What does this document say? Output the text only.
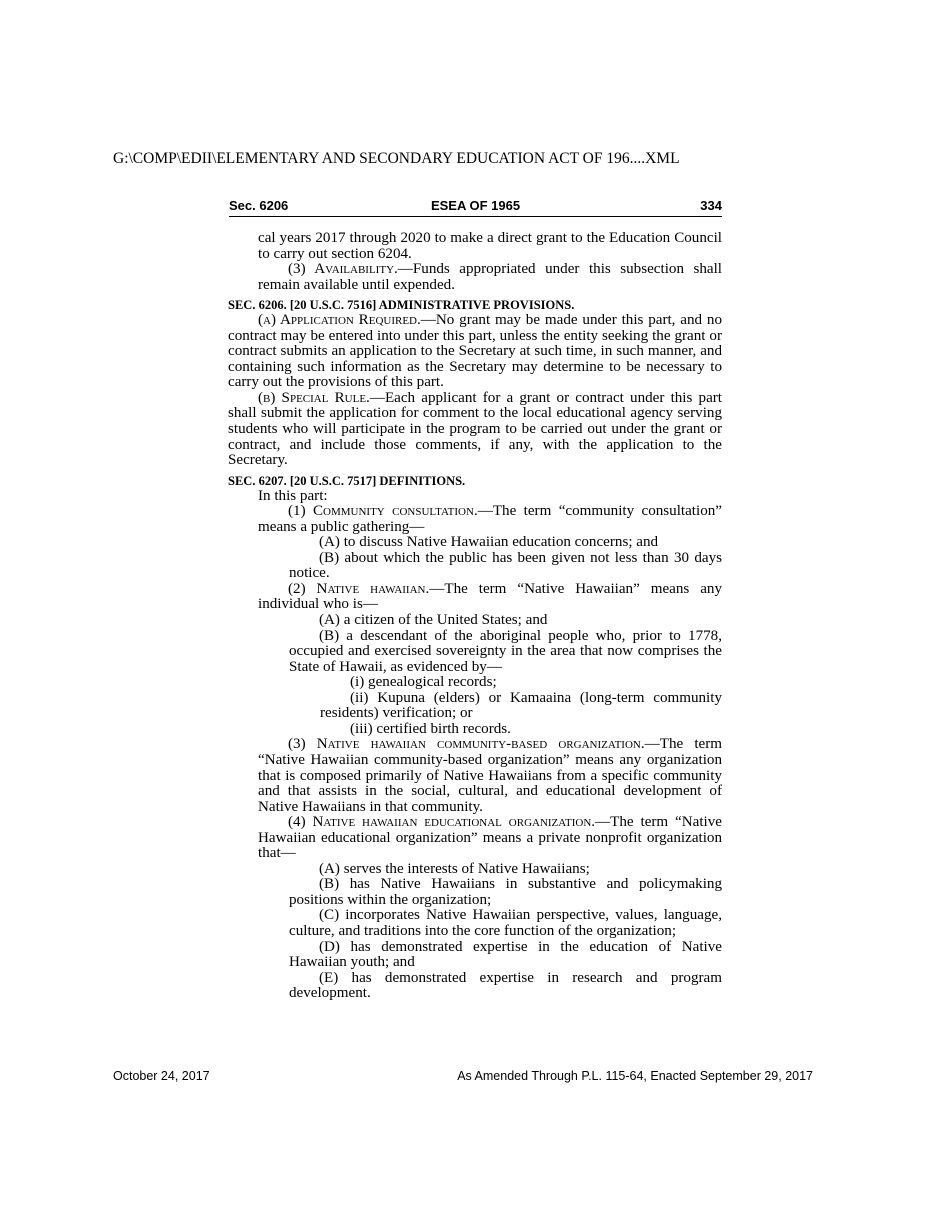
G:\COMP\EDII\ELEMENTARY AND SECONDARY EDUCATION ACT OF 196....XML
Sec. 6206	ESEA OF 1965	334

cal years 2017 through 2020 to make a direct grant to the Education Council to carry out section 6204.

(3) Availability.—Funds appropriated under this subsection shall remain available until expended.

SEC. 6206. [20 U.S.C. 7516] ADMINISTRATIVE PROVISIONS.

(a) Application Required.—No grant may be made under this part, and no contract may be entered into under this part, unless the entity seeking the grant or contract submits an application to the Secretary at such time, in such manner, and containing such information as the Secretary may determine to be necessary to carry out the provisions of this part.

(b) Special Rule.—Each applicant for a grant or contract under this part shall submit the application for comment to the local educational agency serving students who will participate in the program to be carried out under the grant or contract, and include those comments, if any, with the application to the Secretary.

SEC. 6207. [20 U.S.C. 7517] DEFINITIONS.

In this part:

(1) Community consultation.—The term “community consultation” means a public gathering—

(A) to discuss Native Hawaiian education concerns; and

(B) about which the public has been given not less than 30 days notice.

(2) Native hawaiian.—The term “Native Hawaiian” means any individual who is—

(A) a citizen of the United States; and

(B) a descendant of the aboriginal people who, prior to 1778, occupied and exercised sovereignty in the area that now comprises the State of Hawaii, as evidenced by—

(i) genealogical records;

(ii) Kupuna (elders) or Kamaaina (long-term community residents) verification; or

(iii) certified birth records.

(3) Native hawaiian community-based organization.—The term “Native Hawaiian community-based organization” means any organization that is composed primarily of Native Hawaiians from a specific community and that assists in the social, cultural, and educational development of Native Hawaiians in that community.

(4) Native hawaiian educational organization.—The term “Native Hawaiian educational organization” means a private nonprofit organization that—

(A) serves the interests of Native Hawaiians;

(B) has Native Hawaiians in substantive and policymaking positions within the organization;

(C) incorporates Native Hawaiian perspective, values, language, culture, and traditions into the core function of the organization;

(D) has demonstrated expertise in the education of Native Hawaiian youth; and

(E) has demonstrated expertise in research and program development.

October 24, 2017	As Amended Through P.L. 115-64, Enacted September 29, 2017
